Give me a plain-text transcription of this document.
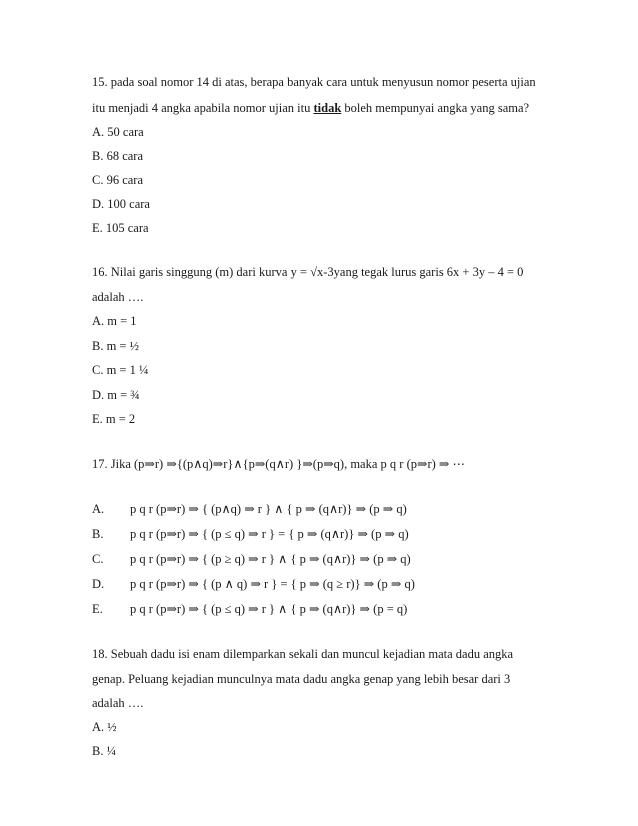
15. pada soal nomor 14 di atas, berapa banyak cara untuk menyusun nomor peserta ujian
itu menjadi 4 angka apabila nomor ujian itu tidak boleh mempunyai angka yang sama?
A. 50 cara
B. 68 cara
C. 96 cara
D. 100 cara
E. 105 cara
16. Nilai garis singgung (m) dari kurva y = √x-3yang tegak lurus garis 6x + 3y – 4 = 0
adalah ….
A. m = 1
B. m = ½
C. m = 1 ¼
D. m = ¾
E. m = 2
17. Jika (p⇒r) ⇒{(p∧q)⇒r}∧{p⇒(q∧r) }⇒(p⇒q), maka p q r (p⇒r) ⇒ ⋯
A. p q r (p⇒r) ⇒ { (p∧q) ⇒ r } ∧ { p ⇒ (q∧r)} ⇒ (p ⇒ q)
B. p q r (p⇒r) ⇒ { (p ≤ q) ⇒ r } = { p ⇒ (q∧r)} ⇒ (p ⇒ q)
C. p q r (p⇒r) ⇒ { (p ≥ q) ⇒ r } ∧ { p ⇒ (q∧r)} ⇒ (p ⇒ q)
D. p q r (p⇒r) ⇒ { (p ∧ q) ⇒ r } = { p ⇒ (q ≥ r)} ⇒ (p ⇒ q)
E. p q r (p⇒r) ⇒ { (p ≤ q) ⇒ r } ∧ { p ⇒ (q∧r)} ⇒ (p = q)
18. Sebuah dadu isi enam dilemparkan sekali dan muncul kejadian mata dadu angka
genap. Peluang kejadian munculnya mata dadu angka genap yang lebih besar dari 3
adalah ….
A. ½
B. ¼
